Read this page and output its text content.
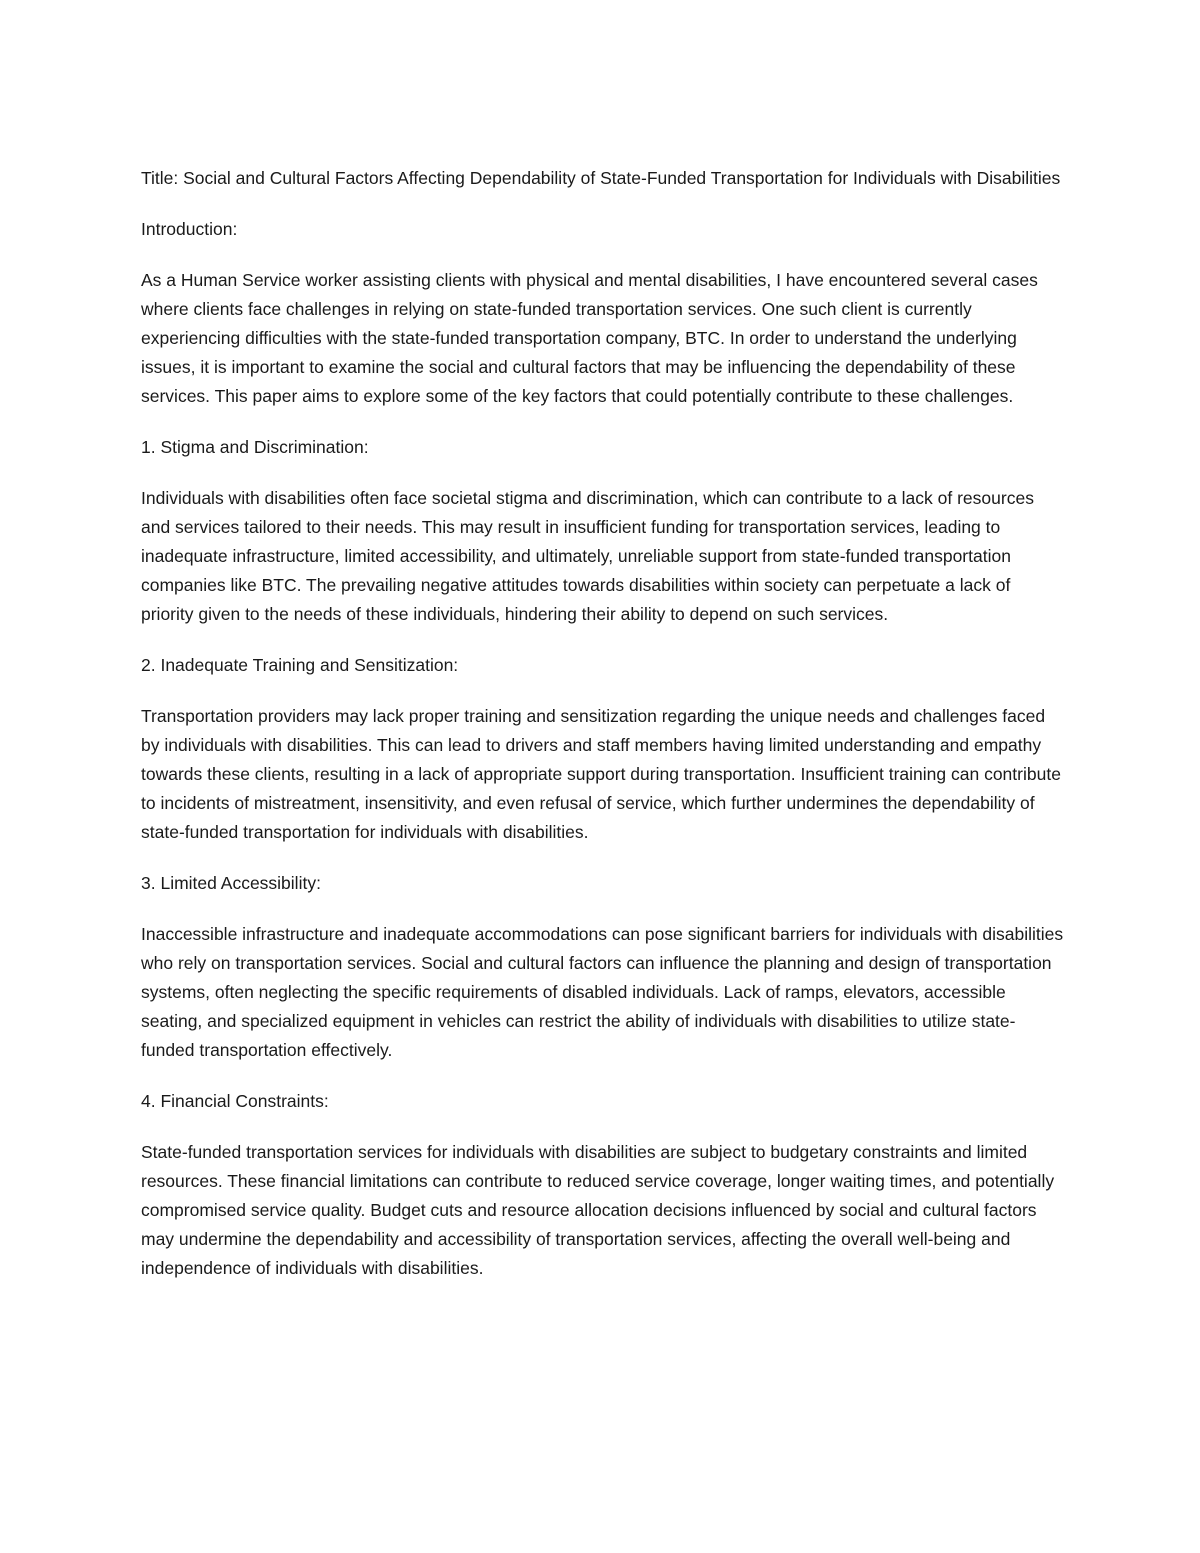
Title: Social and Cultural Factors Affecting Dependability of State-Funded Transportation for Individuals with Disabilities

Introduction:

As a Human Service worker assisting clients with physical and mental disabilities, I have encountered several cases where clients face challenges in relying on state-funded transportation services. One such client is currently experiencing difficulties with the state-funded transportation company, BTC. In order to understand the underlying issues, it is important to examine the social and cultural factors that may be influencing the dependability of these services. This paper aims to explore some of the key factors that could potentially contribute to these challenges.

1. Stigma and Discrimination:

Individuals with disabilities often face societal stigma and discrimination, which can contribute to a lack of resources and services tailored to their needs. This may result in insufficient funding for transportation services, leading to inadequate infrastructure, limited accessibility, and ultimately, unreliable support from state-funded transportation companies like BTC. The prevailing negative attitudes towards disabilities within society can perpetuate a lack of priority given to the needs of these individuals, hindering their ability to depend on such services.

2. Inadequate Training and Sensitization:

Transportation providers may lack proper training and sensitization regarding the unique needs and challenges faced by individuals with disabilities. This can lead to drivers and staff members having limited understanding and empathy towards these clients, resulting in a lack of appropriate support during transportation. Insufficient training can contribute to incidents of mistreatment, insensitivity, and even refusal of service, which further undermines the dependability of state-funded transportation for individuals with disabilities.

3. Limited Accessibility:

Inaccessible infrastructure and inadequate accommodations can pose significant barriers for individuals with disabilities who rely on transportation services. Social and cultural factors can influence the planning and design of transportation systems, often neglecting the specific requirements of disabled individuals. Lack of ramps, elevators, accessible seating, and specialized equipment in vehicles can restrict the ability of individuals with disabilities to utilize state-funded transportation effectively.

4. Financial Constraints:

State-funded transportation services for individuals with disabilities are subject to budgetary constraints and limited resources. These financial limitations can contribute to reduced service coverage, longer waiting times, and potentially compromised service quality. Budget cuts and resource allocation decisions influenced by social and cultural factors may undermine the dependability and accessibility of transportation services, affecting the overall well-being and independence of individuals with disabilities.
